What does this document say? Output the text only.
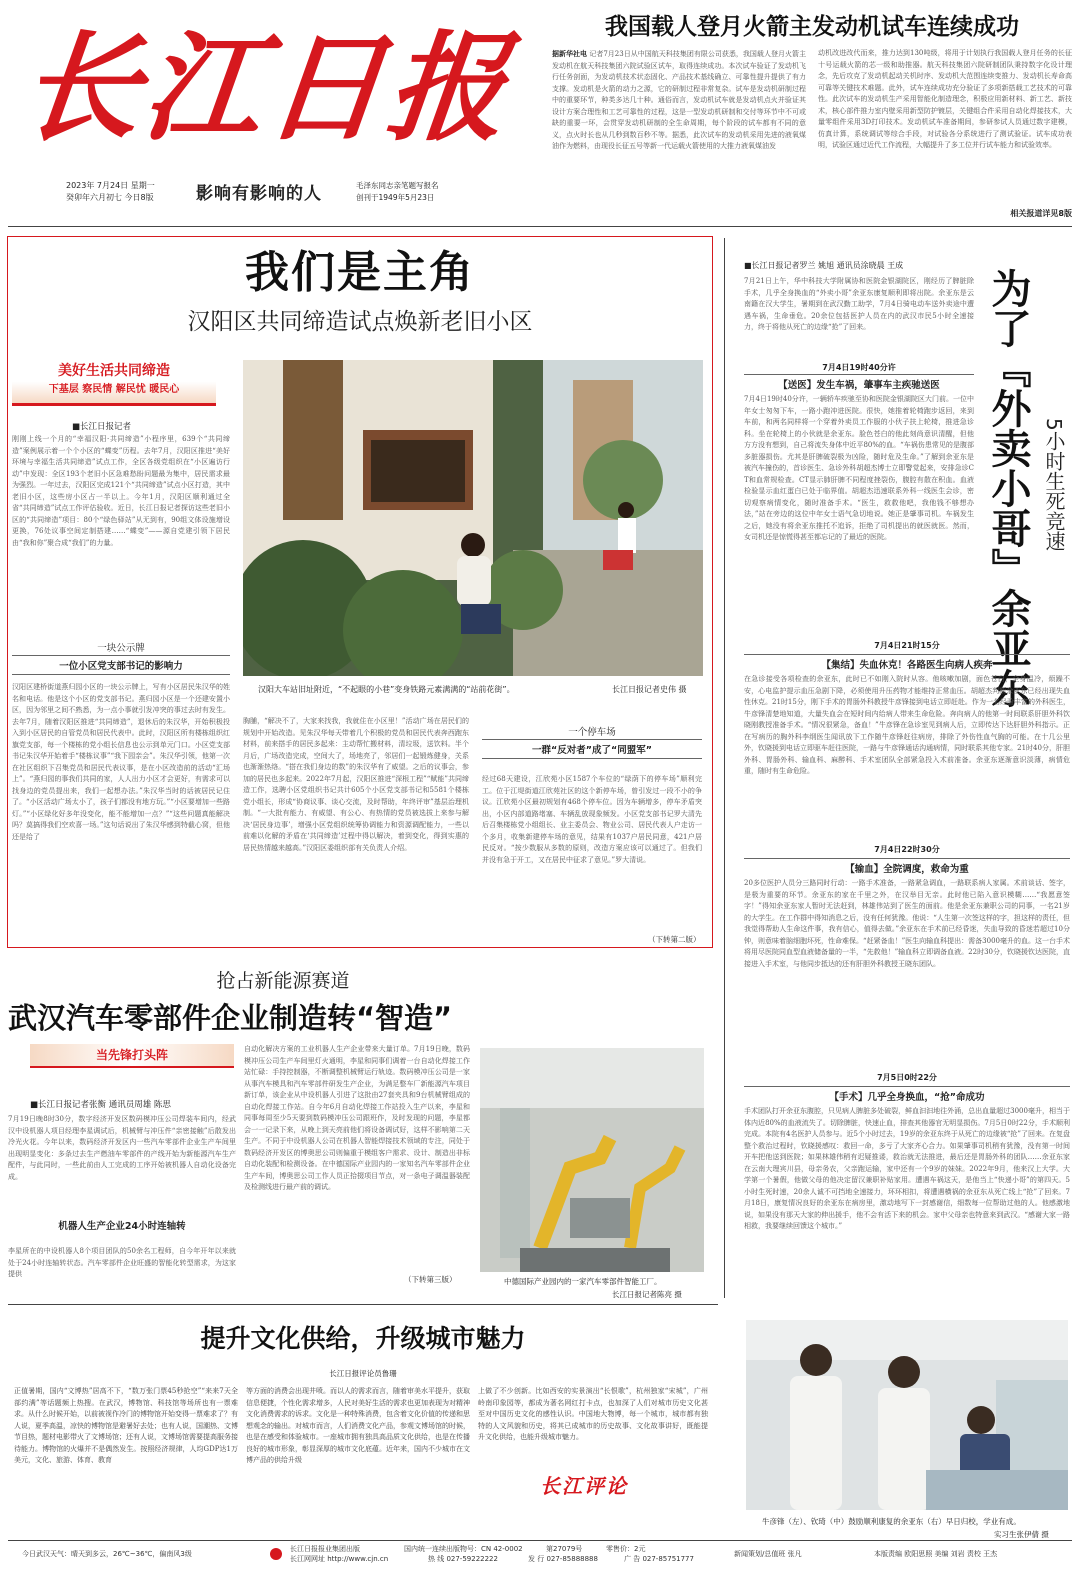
长江日报
2023年 7月24日 星期一
癸卯年六月初七 今日8版 影响有影响的人	毛泽东同志亲笔题写报名
创刊于1949年5月23日
我国载人登月火箭主发动机试车连续成功
据新华社电 记者7月23日从中国航天科技集团有限公司获悉，我国载人登月火箭主发动机在航天科技集团六院试验区试车，取得连续成功。本次试车验证了发动机飞行任务剖面，为发动机技术状态固化、产品技术基线确立、可靠性提升提供了有力支撑。发动机是火箭的动力之源，它的研制过程非常复杂。试车是发动机研制过程中的重要环节，种类多达几十种。通俗而言，发动机试车就是发动机点火并验证其设计方案合理性和工艺可靠性的过程，这是一型发动机研制和交付等环节中不可或缺的重要一环，会贯穿发动机研制的全生命周期，每个阶段的试车都有不同的意义，点火时长也从几秒到数百秒不等。据悉，此次试车的发动机采用先进的液氧煤油作为燃料，由现役长征五号等新一代运载火箭使用的大推力液氧煤油发
动机改进改代而来，推力达到130吨级，将用于计划执行我国载人登月任务的长征十号运载火箭的芯一级和助推器。航天科技集团六院研制团队秉持数字化设计理念，先后攻克了发动机起动关机时序、发动机大范围连续变推力、发动机长寿命高可靠等关键技术难题。此外，试车连续成功充分验证了多项新搭载工艺技术的可靠性。此次试车的发动机生产采用智能化制造理念，积极应用新材料、新工艺、新技术，核心部件推力室内壁采用新型防护镀层，关键组合件采用自动化焊接技术，大量零组件采用3D打印技术。发动机试车准备期间，参研参试人员通过数字建模，仿真计算，系统调试等综合手段，对试验各分系统进行了测试验证。试车成功表明，试验区通过近代工作流程，大幅提升了多工位并行试车能力和试验效率。
相关报道详见8版
我们是主角
汉阳区共同缔造试点焕新老旧小区
美好生活共同缔造
下基层 察民情 解民忧 暖民心
■长江日报记者
刚刚上线一个月的“幸福汉阳·共同缔造”小程序里，639个“共同缔造”案例展示着一个个小区的“蝶变”历程。去年7月，汉阳区推进“美好环境与幸福生活共同缔造”试点工作，全区各级党组织在“小区遍访行动”中发现：全区193个老旧小区急难愁盼问题最为集中，居民需求最为强烈。一年过去，汉阳区完成121个“共同缔造”试点小区打造，其中老旧小区，这些房小区占一半以上。今年1月，汉阳区顺利通过全省“共同缔造”试点工作评估验收。近日，长江日报记者探访这些老旧小区的“共同缔造”项目：80个“绿色驿站”从无到有，90组文体设施增设更换，76处议事空间定制搭建……“蝶变”——源自党建引领下居民由“我和你”聚合成“我们”的力量。
一块公示牌
一位小区党支部书记的影响力
汉阳区建桥街道燕归园小区的一块公示牌上，写有小区居民朱汉华的姓名和电话。他是这个小区的党支部书记。燕归园小区是一个还建安置小区，因为邻里之间不熟悉，为一点小事就引发冲突的事过去时有发生。去年7月，随着汉阳区推进“共同缔造”，退休后的朱汉华，开始积极投入到小区居民的自管党员和居民代表中。此时，汉阳区所有楼栋组织红旗党支部，每一个楼栋的党小组长信息也公示到单元门口。小区党支部书记朱汉华开始着手“楼栋议事”“我下园亲会”。朱汉华引领，他第一次在社区组织下召集党员和居民代表议事，是在小区改造前的活动“汇场上”。“燕归园的事我们共同的家，人人出力小区才会更好，有需求可以找身边的党员提出来，我们一起想办法。”朱汉华当时的话被居民记住了。“小区活动广场太小了，孩子们都没有地方玩。”“小区要增加一些路灯。”“小区绿化好多年没变化，能不能增加一点？”“这些问题真能解决吗？莫搞得我们空欢喜一场。”这句话说出了朱汉华感到特截心窝，但他还是给了
汉阳大车站旧址附近，“不起眼的小巷”变身铁路元素满满的“站前花街”。	长江日报记者史伟 摄
胸脯，“解决不了，大家来找我，我就住在小区里！”活动广场在居民们的规划中开始改造。见朱汉华每天带着几个积极的党员和居民代表奔西跑东材料，前来搭手的居民多起来：主动帮忙搬材料，清垃圾，送饮料。半个月后，广场改造完成，空间大了，场地亮了，邻居们一起锻炼健身，关系也渐渐热络。“搭在我们身边的数”的朱汉华有了威望。之后的议事会，参加的居民也多起来。2022年7月起，汉阳区推进“深根工程”“赋能”共同缔造工作，选聘小区党组织书记共计605个小区党支部书记和5581个楼栋党小组长，形成“协商议事、谈心交流，及时帮助，年终评审”基层治理机制。“一大批有能力、有威望、有公心、有热情的党员被选拔上来参与解决‘居民身边事’，增强小区党组织统筹协调能力和资源调配能力，一些以前难以化解的矛盾在‘共同缔造’过程中得以解决，着到变化，得到实惠的居民热情越来越高。”汉阳区委组织部有关负责人介绍。
一个停车场
一群“反对者”成了“同盟军”
经过68天建设，江欣苑小区1587个车位的“绿荫下的停车场”顺利完工。位于江堤街道江欣苑社区的这个新停车场，曾引发过一段不小的争议。江欣苑小区最初规划有468个停车位。因为车辆增多，停车矛盾突出，小区内部道路堵塞、车辆乱放现象频发。小区党支部书记罗大清先后召集楼栋党小组组长、业主委员会、物业公司、居民代表人户走访一个多月，收集新建停车场的意见，结果有1037户居民同意，421户居民反对。“按少数服从多数的原则，改造方案应该可以通过了。但我们并没有急于开工，又在居民中征求了意见。”罗大清说。
（下转第二版）
抢占新能源赛道
武汉汽车零部件企业制造转“智造”
当先锋打头阵
■长江日报记者张衡 通讯员周雄 陈思
7月19日晚8时30分，数字经济开发区数码模冲压公司焊装车间内，经武汉中设机器人项目经理李星调试后，机械臂与冲压件“亲密接触”后散发出冷光火花。今年以来，数码经济开发区内一些汽车零部件企业生产车间里出现明显变化：多条过去生产燃油车零部件的产线开始为新能源汽车生产配件，与此同时，一些此前由人工完成的工序开始被机器人自动化设备完成。
机器人生产企业24小时连轴转
李星所在的中设机器人8个项目团队的50余名工程师，自今年开年以来就处于24小时连轴转状态。汽车零部件企业旺盛的智能化转型需求，为这家提供
自动化解决方案的工业机器人生产企业带来大量订单。7月19日晚，数码模冲压公司生产车间里灯火通明，李星和同事们调着一台自动化焊接工作站忙碌：手持控制器，不断调整机械臂运行轨迹。数码模冲压公司是一家从事汽车模具和汽车零部件研发生产企业，为满足整车厂新能源汽车项目新订单，该企业从中设机器人引进了这批由27套夹具和9台机械臂组成的自动化焊接工作站。自今年6月自动化焊接工作站投入生产以来，李星和同事每周至少5天要到数码模冲压公司跟班作，及时发现的问题，李星都会一一记录下来，从晚上到天亮前他们将设备调试好，这样不影响第二天生产。不同于中设机器人公司在机器人智能焊接技术领域的专注，同处于数码经济开发区的博奥思公司则偏重于模组客户需求、设计、制造出非标自动化装配和检测设备。在中德国际产业园内的一家知名汽车零部件企业生产车间，博奥思公司工作人员正拾掇项目节点，对一条电子调温器装配及检测线进行最产前的调试。
（下转第三版）	中德国际产业园内的一家汽车零部件智能工厂。
长江日报记者陈亮 摄
■长江日报记者罗兰 姚旭 通讯员涂晓晨 王成
7月21日上午，华中科技大学附属协和医院金银湖院区，刚经历了脾脏除手术，几乎全身换血的“外卖小哥”余亚东康复顺利即将出院。余亚东是云南籍在汉大学生，暑期到在武汉勤工助学，7月4日骑电动车送外卖途中遭遇车祸，生命垂危。20余位包括医护人员在内的武汉市民5小时全速接力，终于将他从死亡的边缘“抢”了回来。	为了『外卖小哥』余亚东 5小时生死竞速
7月4日19时40分许
【送医】发生车祸，肇事车主疾驰送医
7月4日19时40分许，一辆轿车疾驰至协和医院金银湖院区大门前。一位中年女士匆匆下车，一路小跑冲进医院。很快，她推着轮椅跑步返回，来到车前，和两名同样将一个穿着外卖员工作服的小伙子扶上轮椅，推进急诊科。坐在轮椅上的小伙就是余亚东。脸色苍白的他此刻尚意识清醒，但他方方没有想到，自己将流失身体中近平80%的血。“车祸伤患常见的是腹部多脏器损伤。尤其是肝脾破裂极为凶险，随时危及生命。”了解到余亚东是被汽车撞伤的，首诊医生、急诊外科胡超杰博士立即警觉起来，安排急诊CT和血常规检查。CT显示肺肝脾不同程度挫裂伤，腹腔有散在积血。血液检验显示血红蛋白已处于临界值。胡超杰迅速联系外科一线医生会诊，密切观察病情变化，随时准备手术。“医生，救救他吧，我他钱不够想办法，”站在旁边的这位中年女士语气急切地说。她正是肇事司机。车祸发生之后，她没有将余亚东推托不追诉，拒绝了司机提出的就医就医。然而，女司机还是惊慌得甚至都忘记的了最近的医院。
7月4日21时15分
【集结】失血休克！各路医生向病人疾奔
在急诊接受各项检查的余亚东，此时已不如刚入院时从容。他咳嗽加剧，面色苍白，全身温冷，烦躁不安，心电监护提示血压急剧下降，必须使用升压药物才能维持正常血压。胡超杰判断余亚东已经出现失血性休克。21时15分，刚下手术的胃肠外科教授牛彦锋接到电话立即赶赴。作为一名经验丰富的外科医生，牛彦锋清楚地知道，大量失血会在短时间内给病人带来生命危险。奔向病人的他第一时间联系肝胆外科饮晓刚教授准备手术。“情况很紧急，备血！”牛彦锋在急诊室见到病人后，立即传达下达肝胆外科指示。正在写病历的胸外科李纲医生闻讯放下工作随牛彦锋赶往病房，排除了外伤性血气胸的可能。在十几公里外，钦晓援到电话立即驱车赶往医院，一路与牛彦锋通话沟通病情，同时联系其他专家。21时40分，肝胆外科、胃肠外科、输血科、麻醉科、手术室团队全部紧急投入术前准备。余亚东逐渐意识淡薄，病情危重，随时有生命危险。
7月4日22时30分
【输血】全院调度，救命为重
20多位医护人员分三路同时行动：一路手术准备，一路紧急调血，一路联系病人家属。术前谈话、签字，是极为重要的环节。余亚东的家在千里之外，在汉举目无亲。此时他已陷入意识模糊……“我愿意签字！”得知余亚东家人暂时无法赶到，林雄伟站到了医生的面前。他是余亚东兼职公司的同事，一名21岁的大学生。在工作群中得知消息之后，没有任何犹豫。他说：“人生第一次签这样的字，担这样的责任，但我觉得帮助人生命这件事，我有信心，值得去做。”余亚东在手术前已经昏迷，失血导致的昏迷若超过10分钟，则意味着脑细胞坏死，性命难保。“赶紧备血！”医生向输血科提出：需备3000毫升的血。这一台手术将用尽医院同血型血液储备量的一半，“先救他！”输血科立即调备血液。22时30分，钦晓援钦达医院，直接进入手术室，与他同步抵达的还有肝胆外科教授王晓东团队。
7月5日0时22分
【手术】几乎全身换血，“抢”命成功
手术团队打开余亚东腹腔，只见病人脾脏多处破裂，鲜血汩汩地往外涌，总出血量超过3000毫升，相当于体内近80%的血液流失了。切除脾脏，快速止血，排查其他器官无明显损伤。7月5日0时22分，手术顺利完成。本院有4名医护人员参与。近5个小时过去，19岁的余亚东终于从死亡的边缘被“抢”了回来。在复盘整个救治过程时，钦晓援感叹：救回一命，多亏了大家齐心合力。如果肇事司机稍有犹豫，没有第一时间开车把他送到医院；如果林雄伟稍有迟疑推诿，救治就无法推进，最后还是胃肠外科的团队……余亚东家在云南大理宾川县，母亲务农，父亲跑运输，家中还有一个9岁的妹妹。2022年9月，他来汉上大学。大学第一个暑假，他做父母的他决定留汉兼职补贴家用。遭遇车祸这天，是他当上“快递小哥”的第四天。5小时生死时速，20余人诚不可挡地全速接力，环环相扣，将遭遇横祸的余亚东从死亡线上“抢”了回来。7月18日，康复情况良好的余亚东在病房里，激动地写下一封感谢信，细数每一位帮助过他的人。他感激地说，如果没有那天大家的伸出援手，他不会有活下来的机会。家中父母亲也特意来到武汉。“感谢大家一路相救，我要继续回馈这个城市。”
牛彦锋（左）、钦琦（中）鼓励顺利康复的余亚东（右）早日归校，学业有成。
实习生张伊倩 摄
提升文化供给，升级城市魅力
长江日报评论员鲁珊
正值暑期，国内“文博热”居高不下，“数万张门票45秒抢空”“来来7天全部约满”等话题频上热搜。在武汉，博物馆、科技馆等场所也有一票难求。从什么时候开始，以前被视作冷门的博物馆开始变得一票难求了？有人说，夏季高温，凉快的博物馆是避暑好去处；也有人说，国潮热、文博节目热，题材电影带火了文博场馆；还有人说，文博场馆需要提高服务接待能力。博物馆的火爆并不是偶然发生。按照经济规律，人均GDP达1万美元，文化、旅游、体育、教育
等方面的消费会出现井喷。而以人的需求而言，随着审美水平提升，获取信息便捷，个性化需求增多，人民对美好生活的需求也更加表现为对精神文化消费需求的诉求。文化是一种特殊消费，包含着文化价值的传递和思想观念的输出。对城市而言，人们消费文化产品，参观文博场馆的时候，也是在感受和体验城市。一座城市拥有独具高品质文化供给，也是在传播良好的城市形象，彰显深厚的城市文化底蕴。近年来，国内不少城市在文博产品的供给升级
上做了不少创新。比如西安的实景演出“长恨歌”，杭州独家“宋城”，广州岭南印象园等，都成为著名网红打卡点，也加深了人们对城市历史文化甚至对中国历史文化的感性认识。中国地大物博，每一个城市，城市都有独特的人文风貌和历史，将其已成城市的历史故事、文化故事讲好，既能提升文化供给，也能升级城市魅力。
长江评论
今日武汉天气：晴天到多云，26℃~36℃，偏南风3级
长江日报报业集团出版
长江网网址 http://www.cjn.cn
国内统一连续出版物号：CN 42-0002
热 线 027-59222222
第27079号
发 行 027-85888888
零售价：2元
广 告 027-85751777
新闻策划/总值班 张凡	本版责编 欧阳思照 美编 刘岩 责校 王杰
